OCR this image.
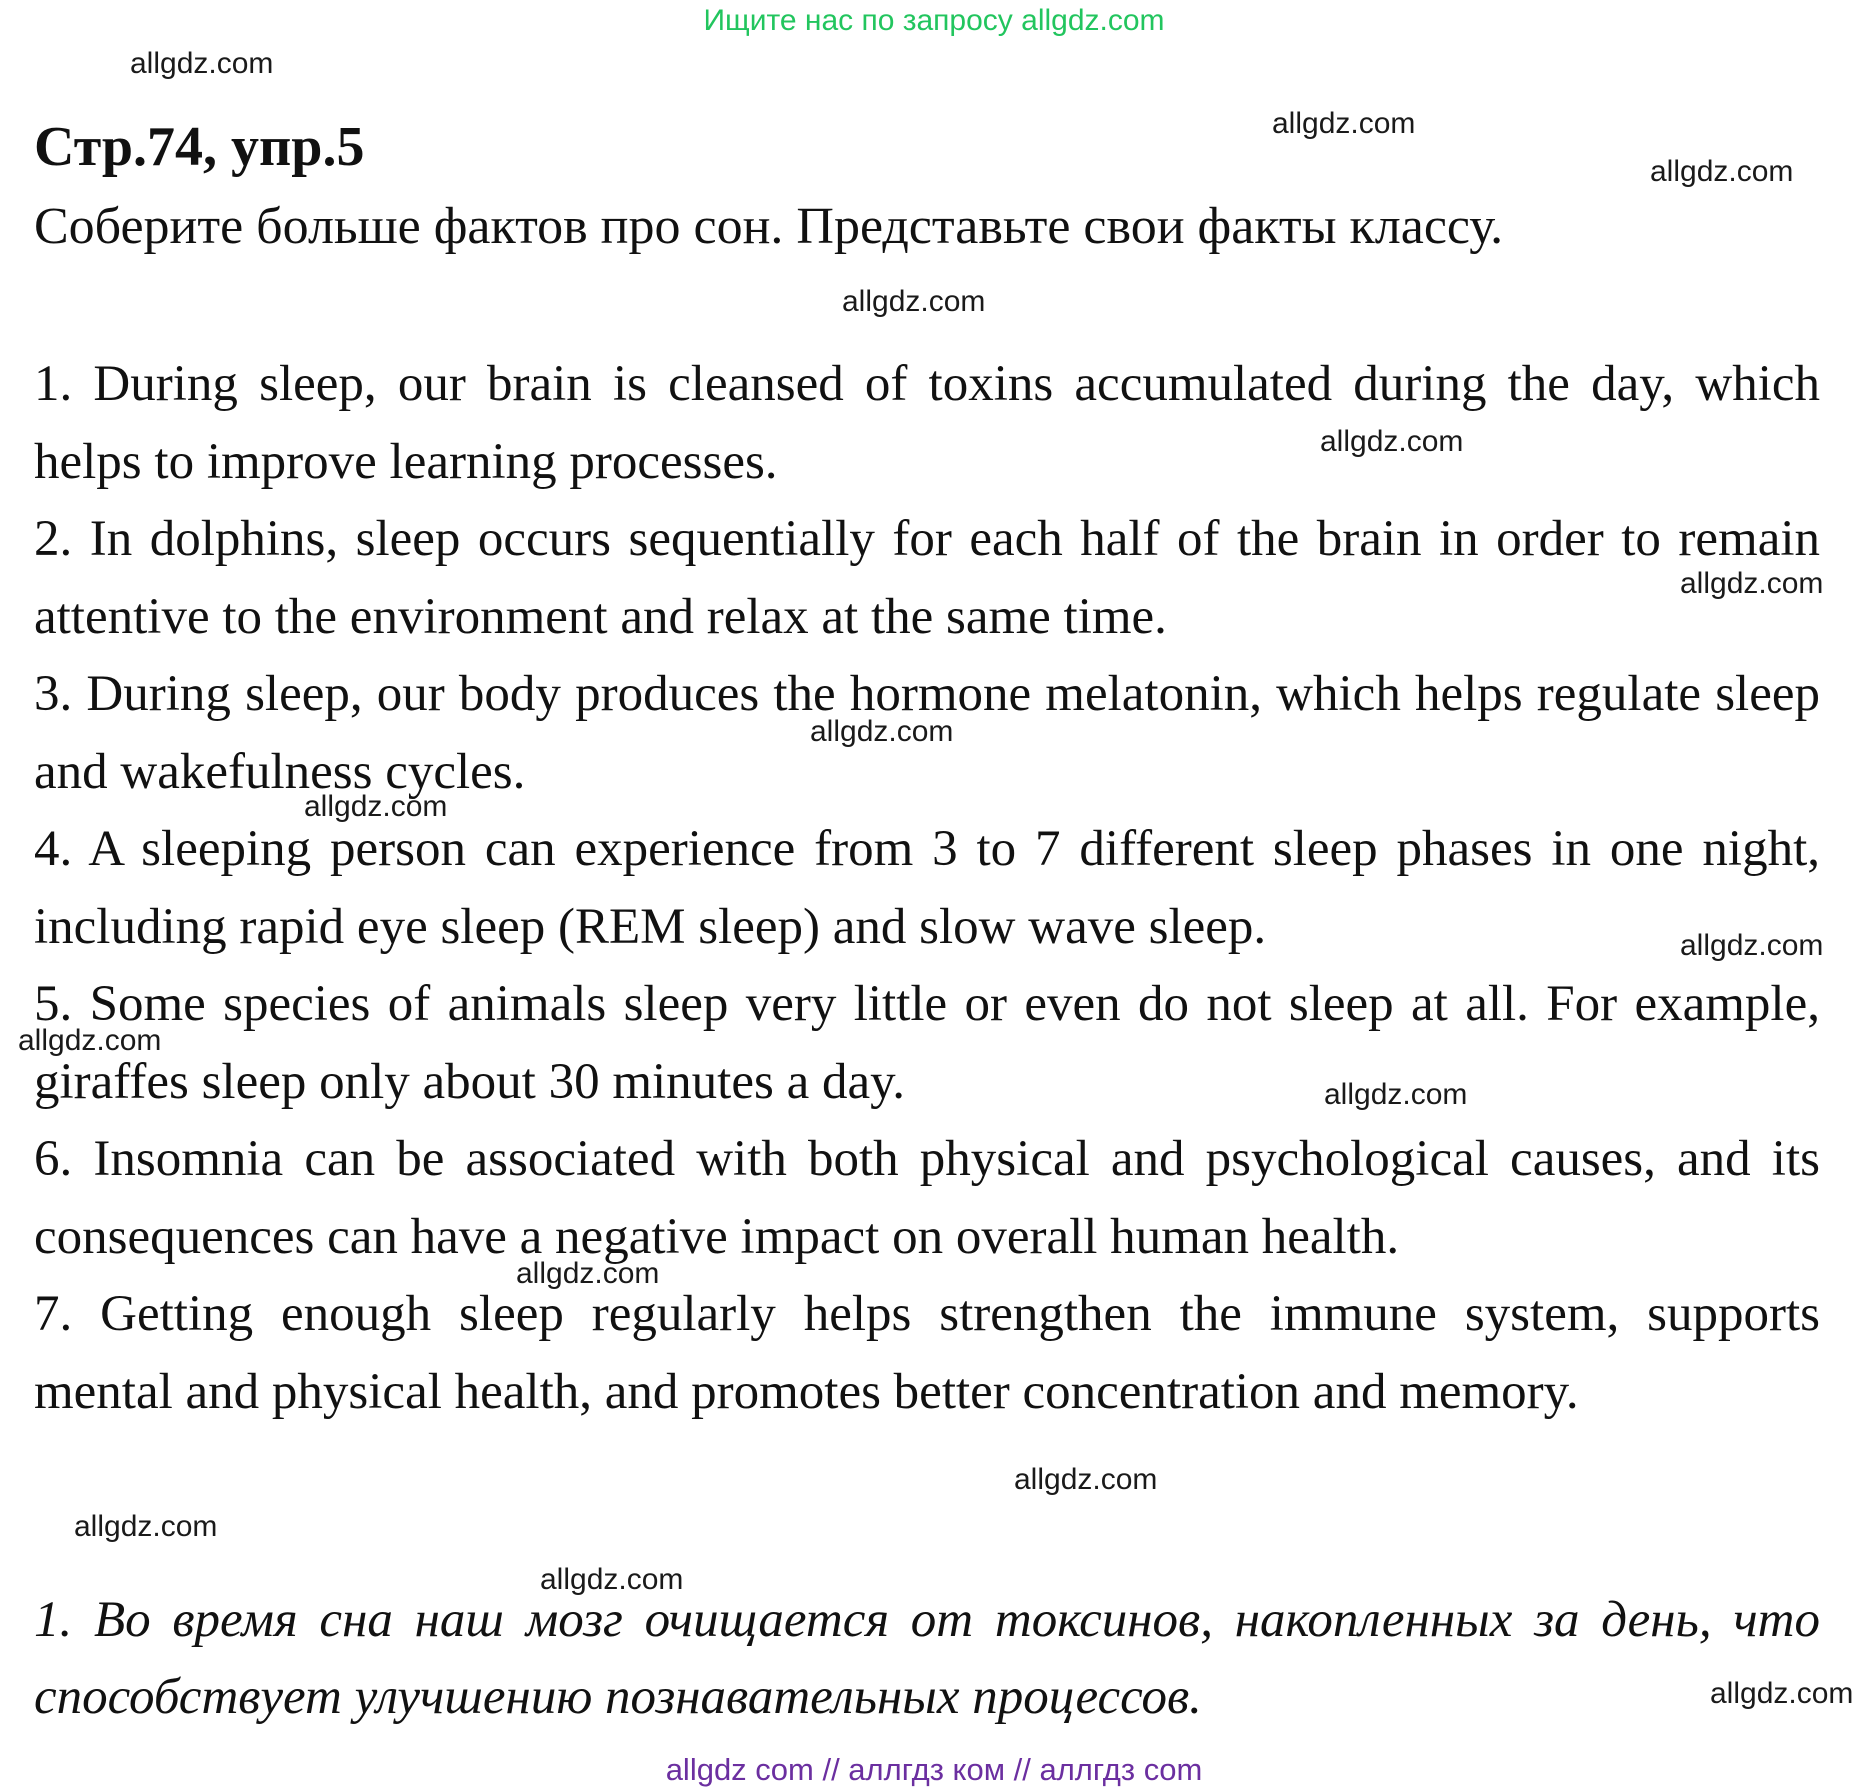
Ищите нас по запросу allgdz.com
allgdz.com
allgdz.com
allgdz.com
allgdz.com
allgdz.com
allgdz.com
allgdz.com
allgdz.com
allgdz.com
allgdz.com
allgdz.com
allgdz.com
allgdz.com
allgdz.com
allgdz.com
allgdz.com
Стр.74, упр.5
Соберите больше фактов про сон. Представьте свои факты классу.

1. During sleep, our brain is cleansed of toxins accumulated during the day, which helps to improve learning processes.

2. In dolphins, sleep occurs sequentially for each half of the brain in order to remain attentive to the environment and relax at the same time.

3. During sleep, our body produces the hormone melatonin, which helps regulate sleep and wakefulness cycles.

4. A sleeping person can experience from 3 to 7 different sleep phases in one night, including rapid eye sleep (REM sleep) and slow wave sleep.

5. Some species of animals sleep very little or even do not sleep at all. For example, giraffes sleep only about 30 minutes a day.

6. Insomnia can be associated with both physical and psychological causes, and its consequences can have a negative impact on overall human health.

7. Getting enough sleep regularly helps strengthen the immune system, supports mental and physical health, and promotes better concentration and memory.

1. Во время сна наш мозг очищается от токсинов, накопленных за день, что способствует улучшению познавательных процессов.
allgdz com // аллгдз ком // аллгдз com
